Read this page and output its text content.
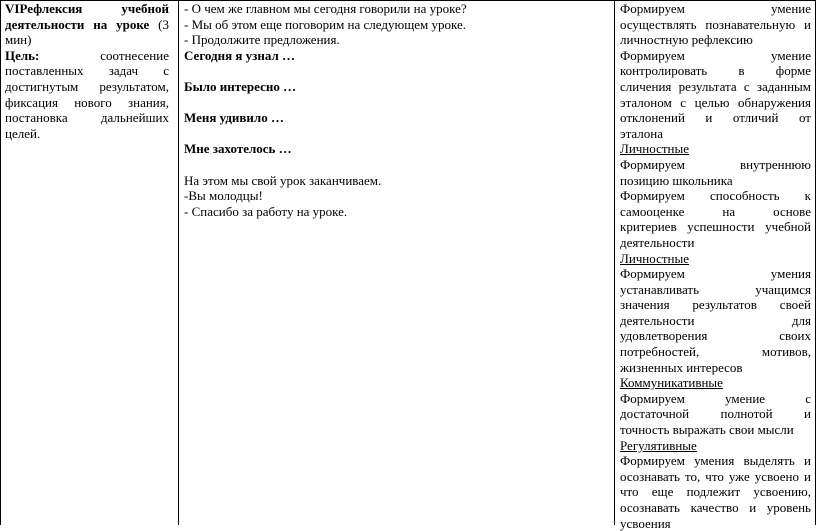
VIРефлексия учебной
деятельности на уроке (3
мин)
Цель:	соотнесение
поставленных задач с
достигнутым результатом,
фиксация нового знания,
постановка дальнейших
целей.
- О чем же главном мы сегодня говорили на уроке?
- Мы об этом еще поговорим на следующем уроке.
- Продолжите предложения.
Сегодня я узнал …
Было интересно …
Меня удивило …
Мне захотелось …
На этом мы свой урок заканчиваем.
-Вы молодцы!
- Спасибо за работу на уроке.
Формируем умение
осуществлять познавательную и
личностную рефлексию
Формируем умение
контролировать в форме
сличения результата с заданным
эталоном с целью обнаружения
отклонений и отличий от
эталона
Личностные
Формируем внутреннюю
позицию школьника
Формируем способность к
самооценке на основе
критериев успешности учебной
деятельности
Личностные
Формируем умения
устанавливать учащимся
значения результатов своей
деятельности для
удовлетворения своих
потребностей, мотивов,
жизненных интересов
Коммуникативные
Формируем умение с
достаточной полнотой и
точность выражать свои мысли
Регулятивные
Формируем умения выделять и
осознавать то, что уже усвоено и
что еще подлежит усвоению,
осознавать качество и уровень
усвоения
